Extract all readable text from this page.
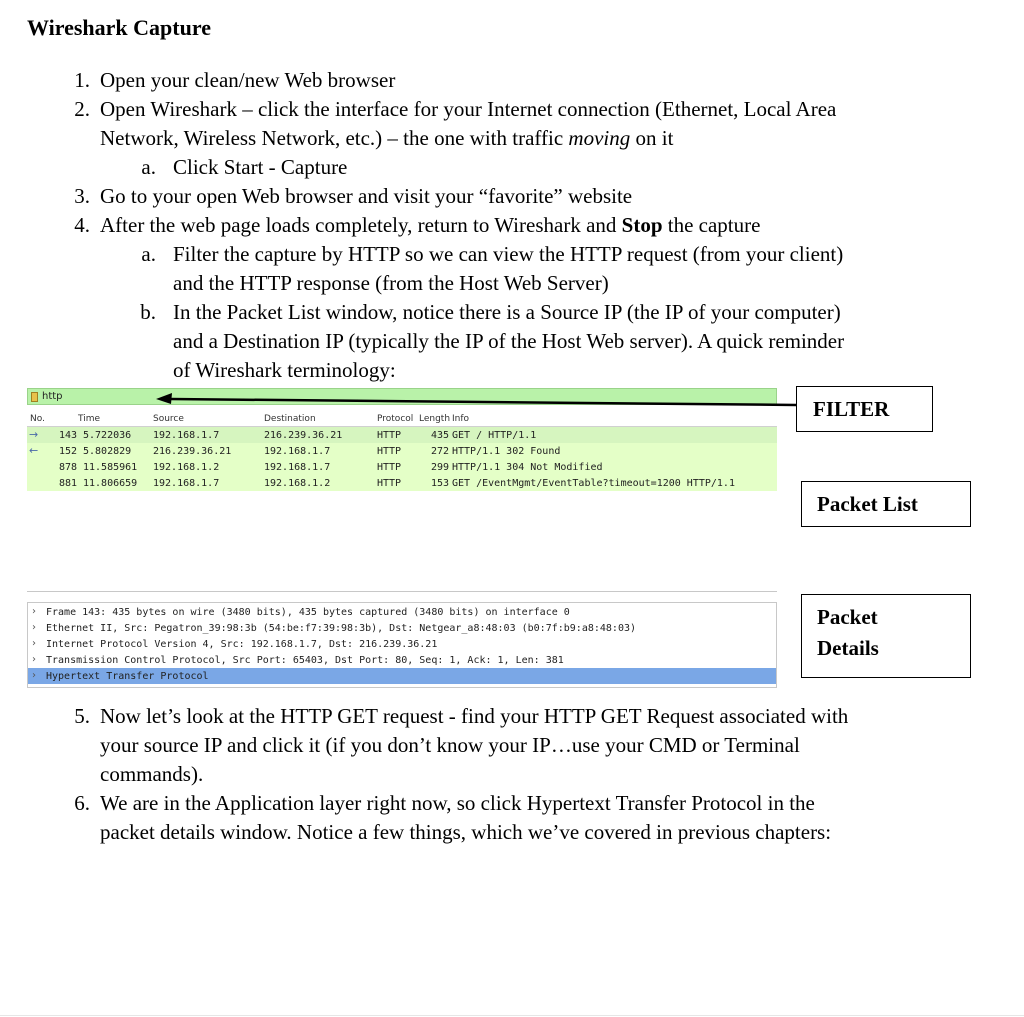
Wireshark Capture
1. Open your clean/new Web browser
2. Open Wireshark – click the interface for your Internet connection (Ethernet, Local Area
Network, Wireless Network, etc.) – the one with traffic moving on it
a. Click Start - Capture
3. Go to your open Web browser and visit your “favorite” website
4. After the web page loads completely, return to Wireshark and Stop the capture
a. Filter the capture by HTTP so we can view the HTTP request (from your client)
and the HTTP response (from the Host Web Server)
b. In the Packet List window, notice there is a Source IP (the IP of your computer)
and a Destination IP (typically the IP of the Host Web server). A quick reminder
of Wireshark terminology:
http
No.	Time	Source	Destination	Protocol Length Info
→ 143 5.722036 192.168.1.7	216.239.36.21	HTTP	435 GET / HTTP/1.1
← 152 5.802829 216.239.36.21	192.168.1.7	HTTP	272 HTTP/1.1 302 Found
878 11.585961 192.168.1.2	192.168.1.7	HTTP	299 HTTP/1.1 304 Not Modified
881 11.806659 192.168.1.7	192.168.1.2	HTTP	153 GET /EventMgmt/EventTable?timeout=1200 HTTP/1.1
› Frame 143: 435 bytes on wire (3480 bits), 435 bytes captured (3480 bits) on interface 0
› Ethernet II, Src: Pegatron_39:98:3b (54:be:f7:39:98:3b), Dst: Netgear_a8:48:03 (b0:7f:b9:a8:48:03)
› Internet Protocol Version 4, Src: 192.168.1.7, Dst: 216.239.36.21
› Transmission Control Protocol, Src Port: 65403, Dst Port: 80, Seq: 1, Ack: 1, Len: 381
› Hypertext Transfer Protocol
FILTER
Packet List
Packet
Details
5. Now let’s look at the HTTP GET request - find your HTTP GET Request associated with
your source IP and click it (if you don’t know your IP…use your CMD or Terminal
commands).
6. We are in the Application layer right now, so click Hypertext Transfer Protocol in the
packet details window. Notice a few things, which we’ve covered in previous chapters:
